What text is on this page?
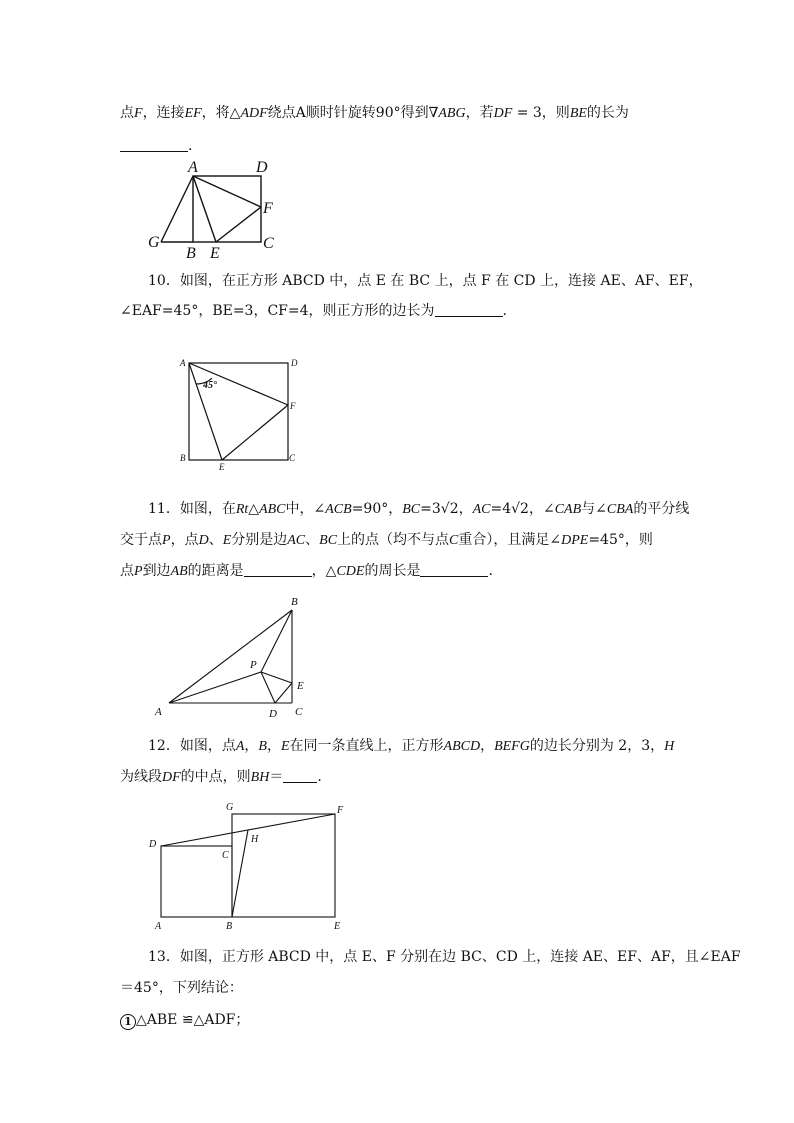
点F，连接EF，将△ADF绕点A顺时针旋转90°得到∇ABG，若DF = 3，则BE的长为
.
A	D
F
G
B E
C
10．如图，在正方形 ABCD 中，点 E 在 BC 上，点 F 在 CD 上，连接 AE、AF、EF，
∠EAF=45°，BE=3，CF=4，则正方形的边长为	.
A	D
45°
F
B
E
C
11．如图，在Rt△ABC中，∠ACB=90°，BC=3√2，AC=4√2，∠CAB与∠CBA的平分线
交于点P，点D、E分别是边AC、BC上的点（均不与点C重合），且满足∠DPE=45°，则
点P到边AB的距离是	，△CDE的周长是	.
B
P
E
A	D C
12．如图，点A，B，E在同一条直线上，正方形ABCD，BEFG的边长分别为 2，3，H
为线段DF的中点，则BH＝ .
G	F
D	H
C
A	B	E
13．如图，正方形 ABCD 中，点 E、F 分别在边 BC、CD 上，连接 AE、EF、AF，且∠EAF
＝45°，下列结论：
1 △ABE ≌△ADF；
